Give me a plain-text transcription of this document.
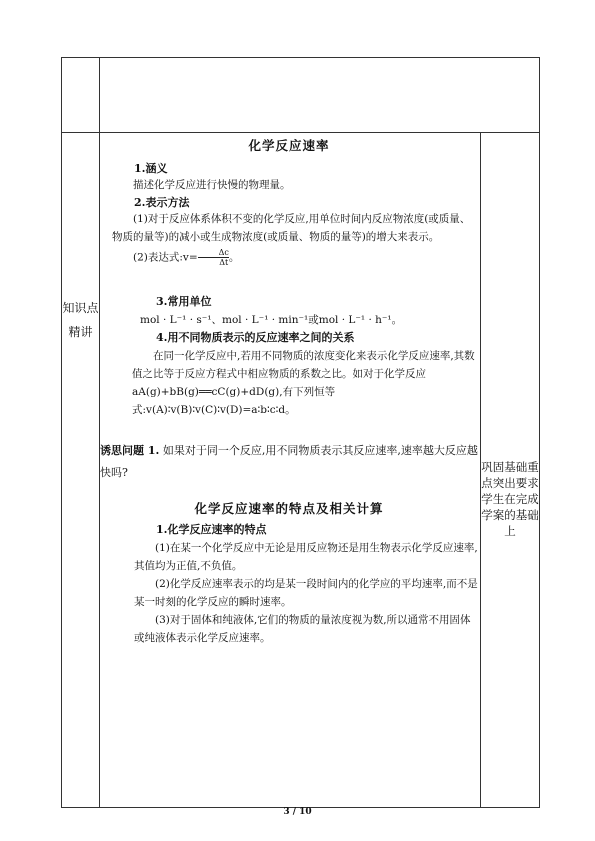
知识点精讲
巩固基础重点突出要求学生在完成学案的基础上
化学反应速率
1.涵义
描述化学反应进行快慢的物理量。
2.表示方法
(1)对于反应体系体积不变的化学反应,用单位时间内反应物浓度(或质量、物质的量等)的减小或生成物浓度(或质量、物质的量等)的增大来表示。
(2)表达式:v= $\frac{\Delta c}{\Delta t}$ 。
3.常用单位
mol · L⁻¹ · s⁻¹、mol · L⁻¹ · min⁻¹或mol · L⁻¹ · h⁻¹。
4.用不同物质表示的反应速率之间的关系
在同一化学反应中,若用不同物质的浓度变化来表示化学反应速率,其数值之比等于反应方程式中相应物质的系数之比。如对于化学反应 aA(g)+bB(g)══cC(g)+dD(g),有下列恒等式:v(A)∶v(B)∶v(C)∶v(D)=a∶b∶c∶d。
诱思问题 1. 如果对于同一个反应,用不同物质表示其反应速率,速率越大反应越快吗?
化学反应速率的特点及相关计算
1.化学反应速率的特点
(1)在某一个化学反应中无论是用反应物还是用生物表示化学反应速率,其值均为正值,不负值。
(2)化学反应速率表示的均是某一段时间内的化学应的平均速率,而不是某一时刻的化学反应的瞬时速率。
(3)对于固体和纯液体,它们的物质的量浓度视为数,所以通常不用固体或纯液体表示化学反应速率。
3 / 10
